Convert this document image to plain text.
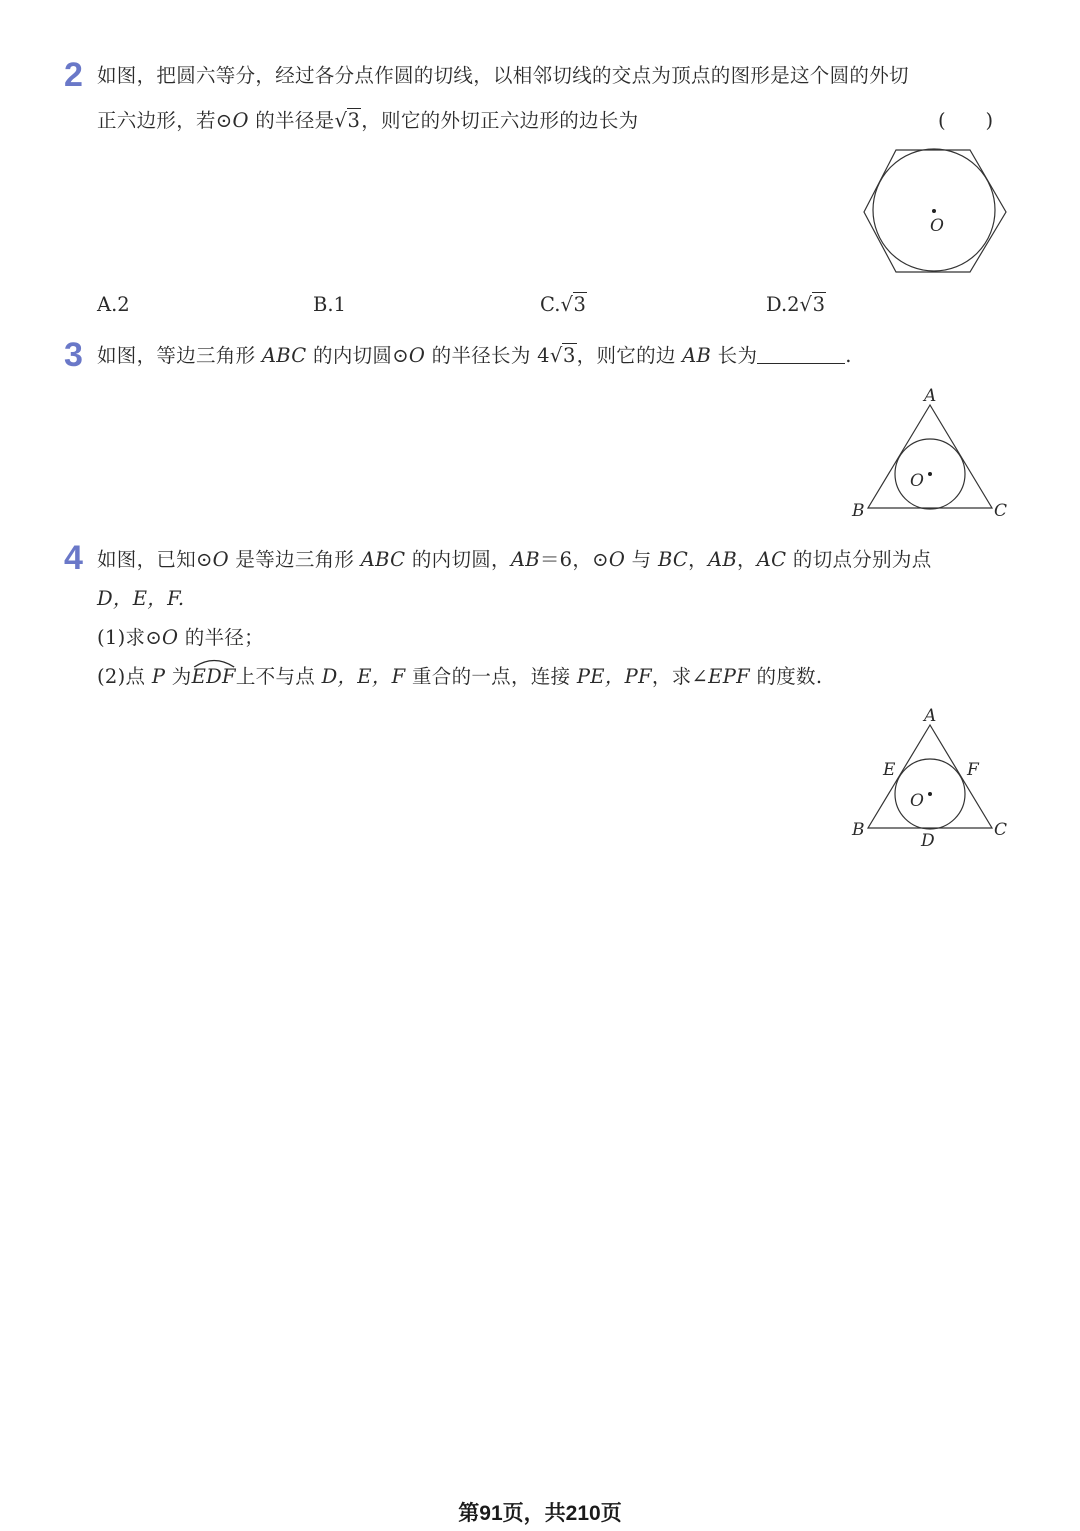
2 如图，把圆六等分，经过各分点作圆的切线，以相邻切线的交点为顶点的图形是这个圆的外切
正六边形，若⊙O 的半径是 √ 3，则它的外切正六边形的边长为	(　　)
O
A.2	B.1	C. √ 3	D.2 √ 3
3 如图，等边三角形 ABC 的内切圆⊙O 的半径长为 4 √ 3，则它的边 AB 长为	.
A
B	C
O
4 如图，已知⊙O 是等边三角形 ABC 的内切圆，AB＝6，⊙O 与 BC，AB，AC 的切点分别为点
D，E，F.
(1)求⊙O 的半径；
(2)点 P 为
EDF上不与点 D，E，F 重合的一点，连接 PE，PF，求∠EPF 的度数.
A
B	C
D
E	F
O
第91页，共210页
